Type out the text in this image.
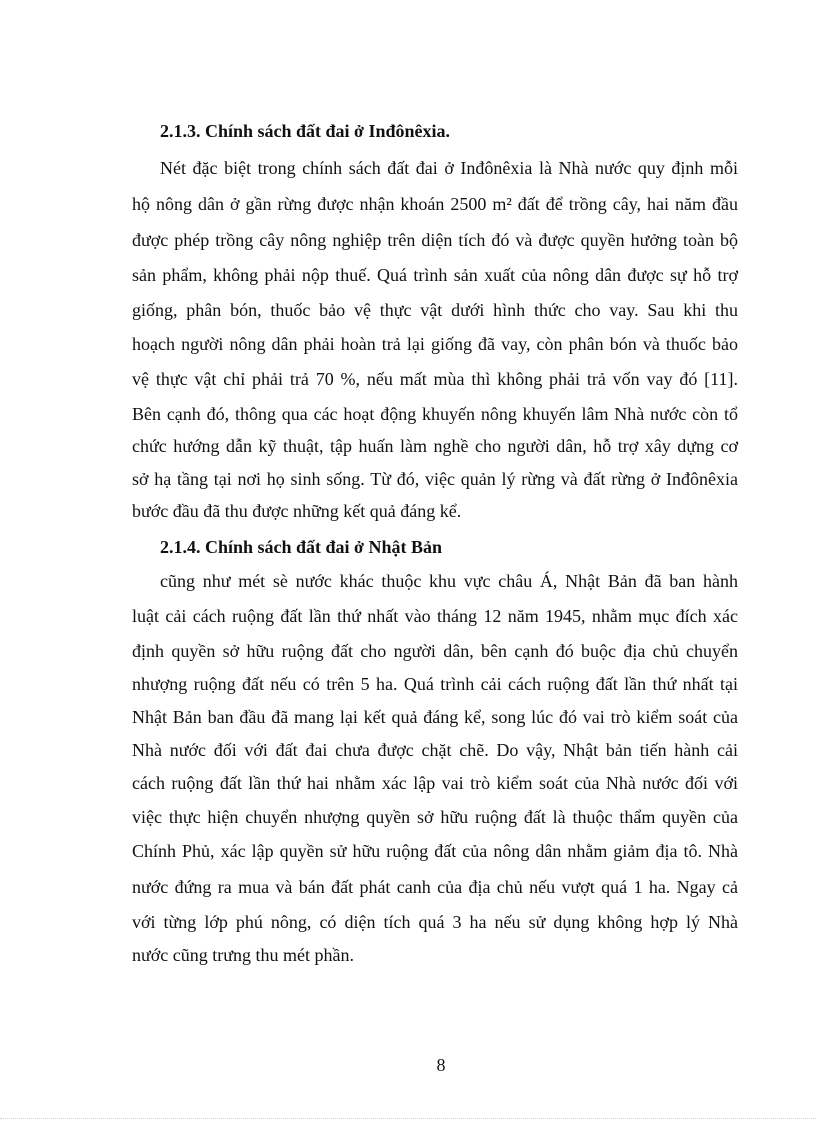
2.1.3. Chính sách đất đai ở Inđônêxia.
Nét đặc biệt trong chính sách đất đai ở Inđônêxia là Nhà nước quy định mỗi
hộ nông dân ở gần rừng được nhận khoán 2500 m² đất để trồng cây, hai năm đầu
được phép trồng cây nông nghiệp trên diện tích đó và được quyền hưởng toàn bộ
sản phẩm, không phải nộp thuế. Quá trình sản xuất của nông dân được sự hỗ trợ
giống, phân bón, thuốc bảo vệ thực vật dưới hình thức cho vay. Sau khi thu
hoạch người nông dân phải hoàn trả lại giống đã vay, còn phân bón và thuốc bảo
vệ thực vật chỉ phải trả 70 %, nếu mất mùa thì không phải trả vốn vay đó [11].
Bên cạnh đó, thông qua các hoạt động khuyến nông khuyến lâm Nhà nước còn tổ
chức hướng dẫn kỹ thuật, tập huấn làm nghề cho người dân, hỗ trợ xây dựng cơ
sở hạ tầng tại nơi họ sinh sống. Từ đó, việc quản lý rừng và đất rừng ở Inđônêxia
bước đầu đã thu được những kết quả đáng kể.
2.1.4. Chính sách đất đai ở Nhật Bản
cũng như mét sè nước khác thuộc khu vực châu Á, Nhật Bản đã ban hành
luật cải cách ruộng đất lần thứ nhất vào tháng 12 năm 1945, nhằm mục đích xác
định quyền sở hữu ruộng đất cho người dân, bên cạnh đó buộc địa chủ chuyển
nhượng ruộng đất nếu có trên 5 ha. Quá trình cải cách ruộng đất lần thứ nhất tại
Nhật Bản ban đầu đã mang lại kết quả đáng kể, song lúc đó vai trò kiểm soát của
Nhà nước đối với đất đai chưa được chặt chẽ. Do vậy, Nhật bản tiến hành cải
cách ruộng đất lần thứ hai nhằm xác lập vai trò kiểm soát của Nhà nước đối với
việc thực hiện chuyển nhượng quyền sở hữu ruộng đất là thuộc thẩm quyền của
Chính Phủ, xác lập quyền sử hữu ruộng đất của nông dân nhằm giảm địa tô. Nhà
nước đứng ra mua và bán đất phát canh của địa chủ nếu vượt quá 1 ha. Ngay cả
với từng lớp phú nông, có diện tích quá 3 ha nếu sử dụng không hợp lý Nhà
nước cũng trưng thu mét phần.
8
